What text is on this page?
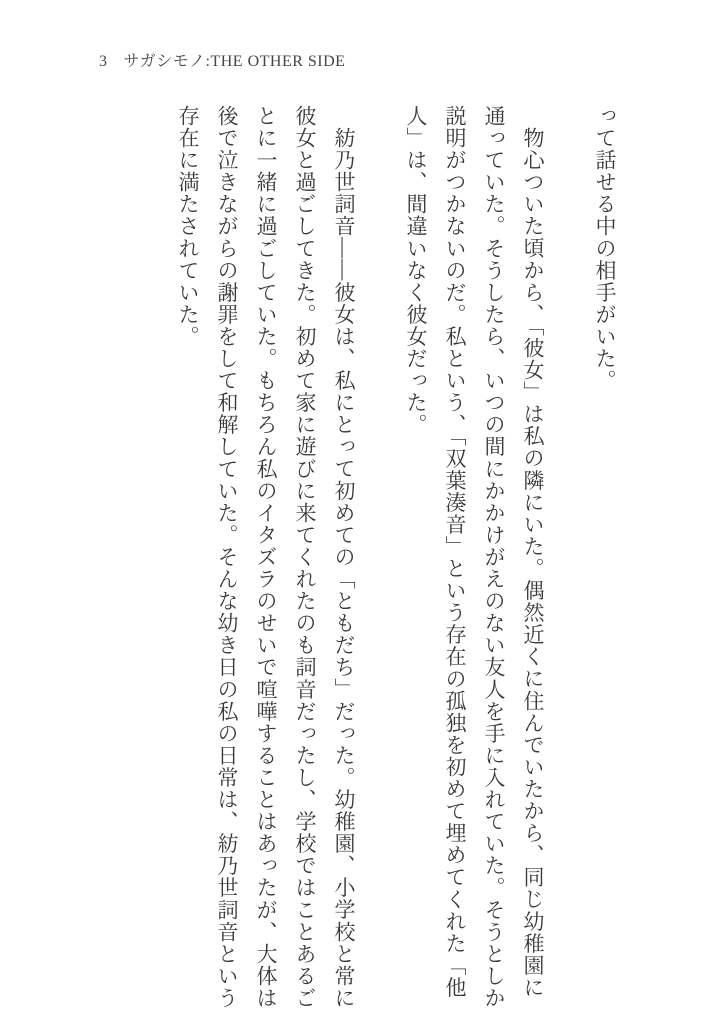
3 サガシモノ:THE OTHER SIDE

って話せる中の相手がいた。

物心ついた頃から、「彼女」は私の隣にいた。偶然近くに住んでいたから、同じ幼稚園に通っていた。そうしたら、いつの間にかかけがえのない友人を手に入れていた。そうとしか説明がつかないのだ。私という、「双葉湊音」という存在の孤独を初めて埋めてくれた「他人」は、間違いなく彼女だった。

紡乃世詞音――彼女は、私にとって初めての「ともだち」だった。幼稚園、小学校と常に彼女と過ごしてきた。初めて家に遊びに来てくれたのも詞音だったし、学校ではことあるごとに一緒に過ごしていた。もちろん私のイタズラのせいで喧嘩することはあったが、大体は後で泣きながらの謝罪をして和解していた。そんな幼き日の私の日常は、紡乃世詞音という存在に満たされていた。
